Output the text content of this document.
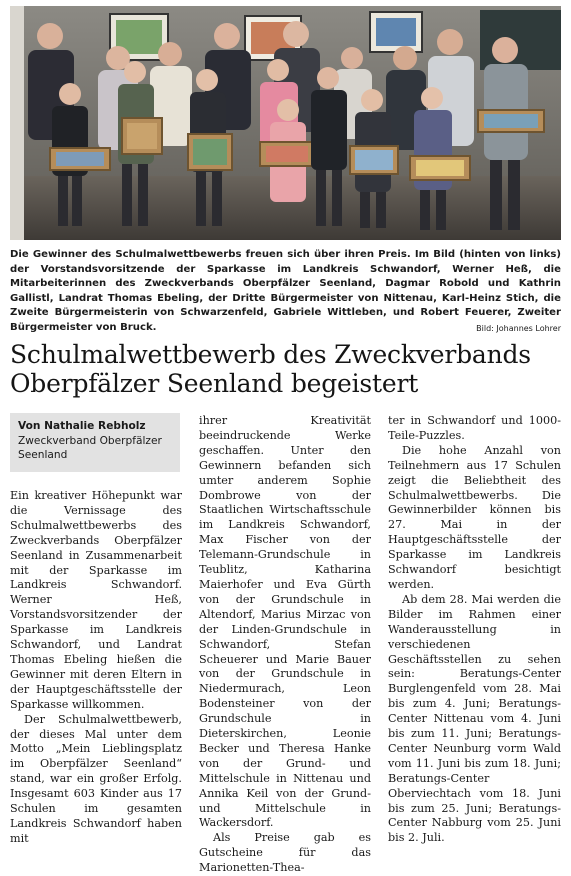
Die Gewinner des Schulmalwettbewerbs freuen sich über ihren Preis. Im Bild (hinten von links) der Vorstandsvorsitzende der Sparkasse im Landkreis Schwandorf, Werner Heß, die Mitarbeiterinnen des Zweckverbands Oberpfälzer Seenland, Dagmar Robold und Kathrin Gallistl, Landrat Thomas Ebeling, der Dritte Bürgermeister von Nittenau, Karl-Heinz Stich, die Zweite Bürgermeisterin von Schwarzenfeld, Gabriele Wittleben, und Robert Feuerer, Zweiter Bürgermeister von Bruck.	Bild: Johannes Lohrer
Schulmalwettbewerb des Zweckverbands
Oberpfälzer Seenland begeistert
Von Nathalie Rebholz
Zweckverband Oberpfälzer Seenland

Ein kreativer Höhepunkt war die Vernissage des Schulmalwettbewerbs des Zweckverbands Oberpfälzer Seenland in Zusammenarbeit mit der Sparkasse im Landkreis Schwandorf. Werner Heß, Vorstandsvorsitzender der Sparkasse im Landkreis Schwandorf, und Landrat Thomas Ebeling hießen die Gewinner mit deren Eltern in der Hauptgeschäftsstelle der Sparkasse willkommen.

Der Schulmalwettbewerb, der dieses Mal unter dem Motto „Mein Lieblingsplatz im Oberpfälzer Seenland“ stand, war ein großer Erfolg. Insgesamt 603 Kinder aus 17 Schulen im gesamten Landkreis Schwandorf haben mit

ihrer Kreativität beeindruckende Werke geschaffen. Unter den Gewinnern befanden sich umter anderem Sophie Dombrowe von der Staatlichen Wirtschaftsschule im Landkreis Schwandorf, Max Fischer von der Telemann-Grundschule in Teublitz, Katharina Maierhofer und Eva Gürth von der Grundschule in Altendorf, Marius Mirzac von der Linden-Grundschule in Schwandorf, Stefan Scheuerer und Marie Bauer von der Grundschule in Niedermurach, Leon Bodensteiner von der Grundschule in Dieterskirchen, Leonie Becker und Theresa Hanke von der Grund- und Mittelschule in Nittenau und Annika Keil von der Grund- und Mittelschule in Wackersdorf.

Als Preise gab es Gutscheine für das Marionetten-Thea-

ter in Schwandorf und 1000-Teile-Puzzles.

Die hohe Anzahl von Teilnehmern aus 17 Schulen zeigt die Beliebtheit des Schulmalwettbewerbs. Die Gewinnerbilder können bis 27. Mai in der Hauptgeschäftsstelle der Sparkasse im Landkreis Schwandorf besichtigt werden.

Ab dem 28. Mai werden die Bilder im Rahmen einer Wanderausstellung in verschiedenen Geschäftsstellen zu sehen sein: Beratungs-Center Burglengenfeld vom 28. Mai bis zum 4. Juni; Beratungs-Center Nittenau vom 4. Juni bis zum 11. Juni; Beratungs-Center Neunburg vorm Wald vom 11. Juni bis zum 18. Juni; Beratungs-Center Oberviechtach vom 18. Juni bis zum 25. Juni; Beratungs-Center Nabburg vom 25. Juni bis 2. Juli.
